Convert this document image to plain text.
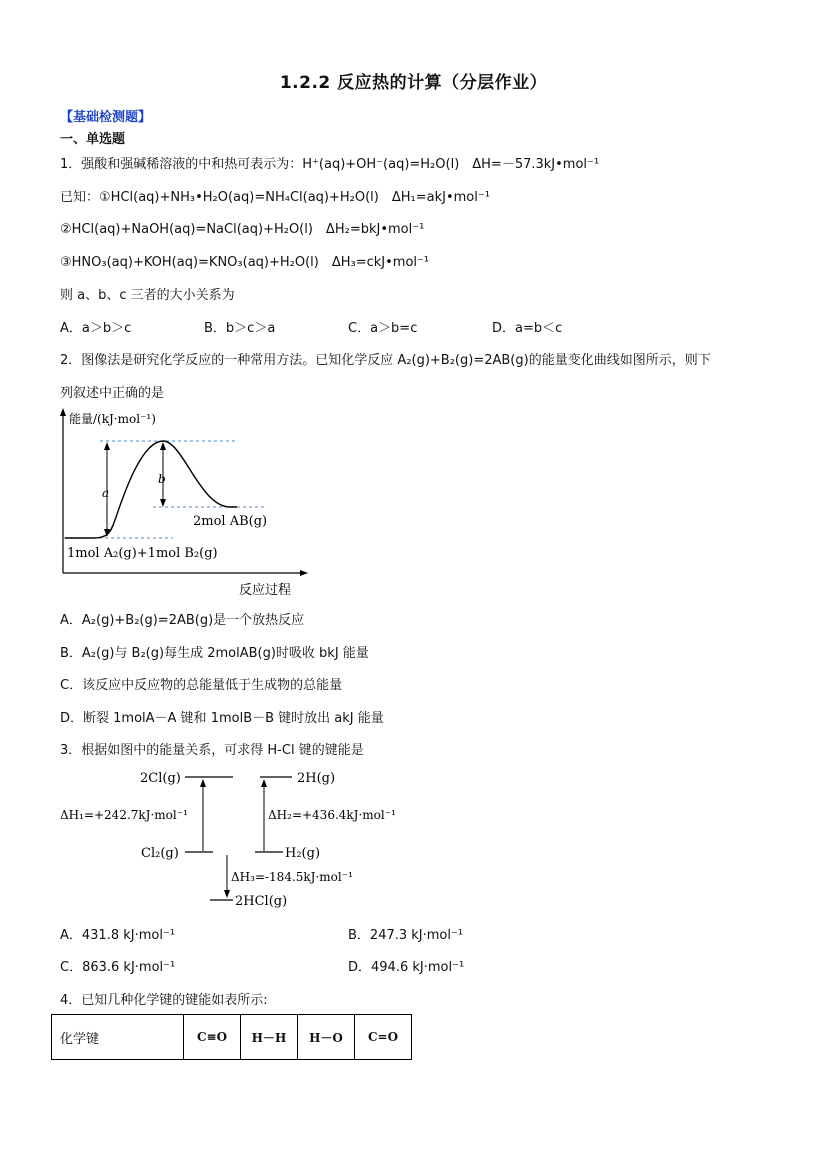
1.2.2 反应热的计算（分层作业）
【基础检测题】
一、单选题
1．强酸和强碱稀溶液的中和热可表示为：H⁺(aq)+OH⁻(aq)=H₂O(l)　ΔH=－57.3kJ•mol⁻¹
已知：①HCl(aq)+NH₃•H₂O(aq)=NH₄Cl(aq)+H₂O(l)　ΔH₁=akJ•mol⁻¹
②HCl(aq)+NaOH(aq)=NaCl(aq)+H₂O(l)　ΔH₂=bkJ•mol⁻¹
③HNO₃(aq)+KOH(aq)=KNO₃(aq)+H₂O(l)　ΔH₃=ckJ•mol⁻¹
则 a、b、c 三者的大小关系为
A．a＞b＞c	B．b＞c＞a	C．a＞b=c	D．a=b＜c
2．图像法是研究化学反应的一种常用方法。已知化学反应 A₂(g)+B₂(g)=2AB(g)的能量变化曲线如图所示，则下
列叙述中正确的是
能量/(kJ·mol⁻¹)
a
b
2mol AB(g)
1mol A₂(g)+1mol B₂(g)
反应过程
A．A₂(g)+B₂(g)=2AB(g)是一个放热反应
B．A₂(g)与 B₂(g)每生成 2molAB(g)时吸收 bkJ 能量
C．该反应中反应物的总能量低于生成物的总能量
D．断裂 1molA－A 键和 1molB－B 键时放出 akJ 能量
3．根据如图中的能量关系，可求得 H-Cl 键的键能是
2Cl(g)	2H(g)
ΔH₁=+242.7kJ·mol⁻¹	ΔH₂=+436.4kJ·mol⁻¹
Cl₂(g)	H₂(g)
ΔH₃=-184.5kJ·mol⁻¹
2HCl(g)
A．431.8 kJ·mol⁻¹	B．247.3 kJ·mol⁻¹
C．863.6 kJ·mol⁻¹	D．494.6 kJ·mol⁻¹
4．已知几种化学键的键能如表所示:
化学键	C≡O	H－H	H－O	C=O
